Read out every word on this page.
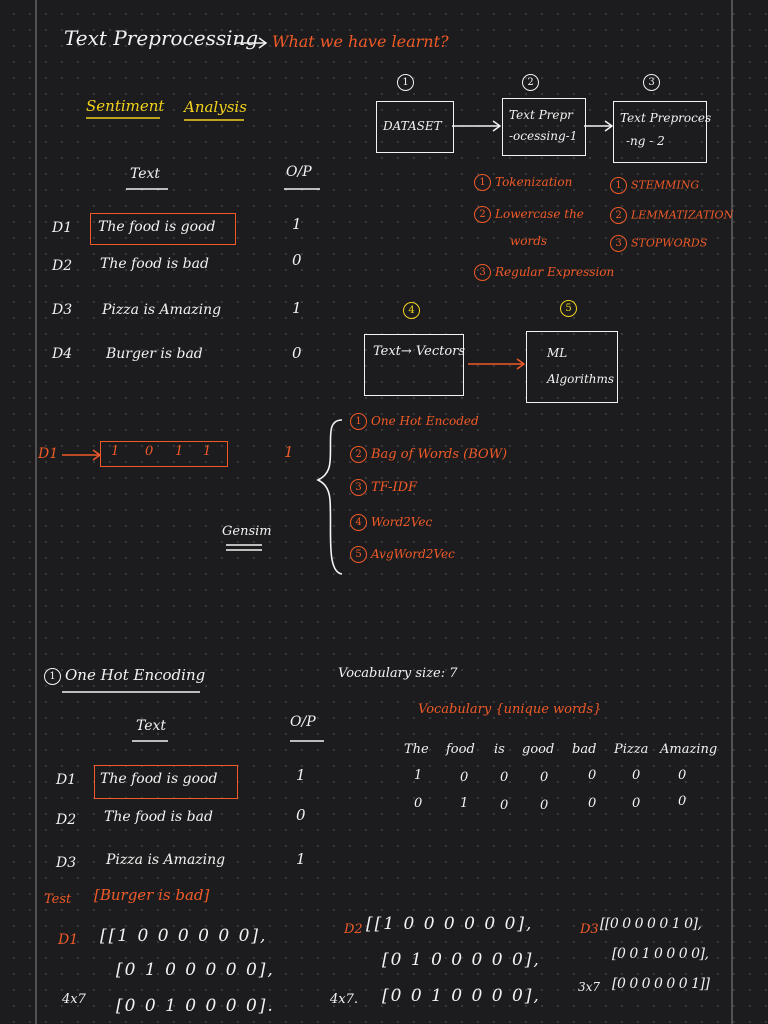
Text Preprocessing What we have learnt?
Sentiment Analysis
1	2	3
4	5
DATASET
Text Prepr
-ocessing-1
Text Preproces
-ng - 2
Text→ Vectors	ML
Algorithms
1 Tokenization
2 Lowercase the
words
3 Regular Expression
1 STEMMING
2 LEMMATIZATION
3 STOPWORDS
Text	O/P
D1 The food is good	1
D2 The food is bad	0
D3 Pizza is Amazing	1
D4 Burger is bad	0
D1	1 0 1 1	1
Gensim
1 One Hot Encoded
2 Bag of Words (BOW)
3 TF-IDF
4 Word2Vec
5 AvgWord2Vec
1 One Hot Encoding	Vocabulary size: 7
Vocabulary {unique words}
The food is good bad Pizza Amazing
1	0 0 0	0	0	0
0	1 0 0	0	0	0
Text	O/P
D1 The food is good	1
D2 The food is bad	0
D3 Pizza is Amazing	1
Test [Burger is bad]
D1 [[1 0 0 0 0 0 0],
[0 1 0 0 0 0 0],
[0 0 1 0 0 0 0].
4x7
D2 [[1 0 0 0 0 0 0],
[0 1 0 0 0 0 0],
[0 0 1 0 0 0 0],
4x7.
D3 [[0 0 0 0 0 1 0],
[0 0 1 0 0 0 0],
[0 0 0 0 0 0 1]]
3x7
